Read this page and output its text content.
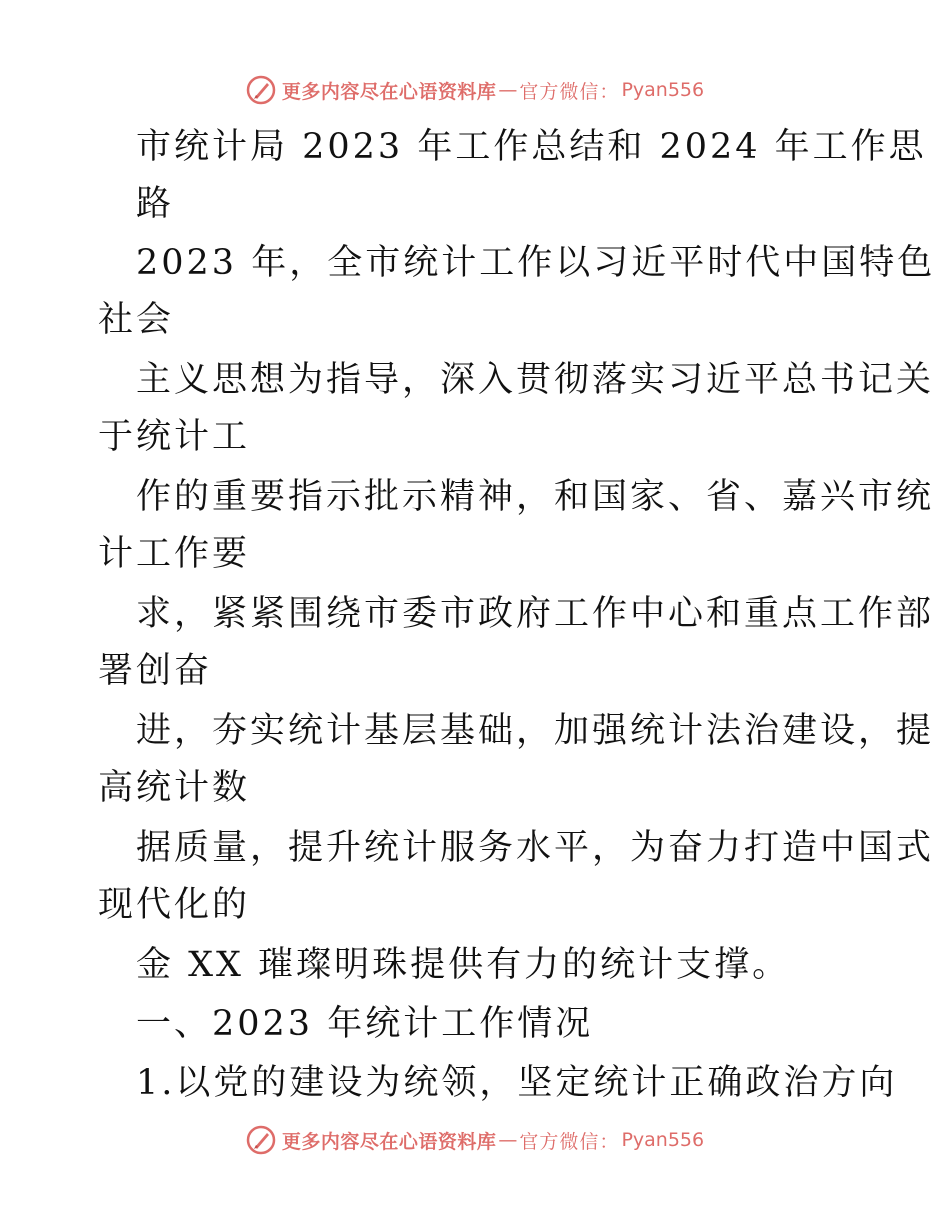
更多内容尽在心语资料库 — 官方微信： Pyan556
市统计局 2023 年工作总结和 2024 年工作思
路
2023 年，全市统计工作以习近平时代中国特色
社会
主义思想为指导，深入贯彻落实习近平总书记关
于统计工
作的重要指示批示精神，和国家、省、嘉兴市统
计工作要
求，紧紧围绕市委市政府工作中心和重点工作部
署创奋
进，夯实统计基层基础，加强统计法治建设，提
高统计数
据质量，提升统计服务水平，为奋力打造中国式
现代化的
金 XX 璀璨明珠提供有力的统计支撑。
一、2023 年统计工作情况
1.以党的建设为统领，坚定统计正确政治方向
更多内容尽在心语资料库 — 官方微信： Pyan556
